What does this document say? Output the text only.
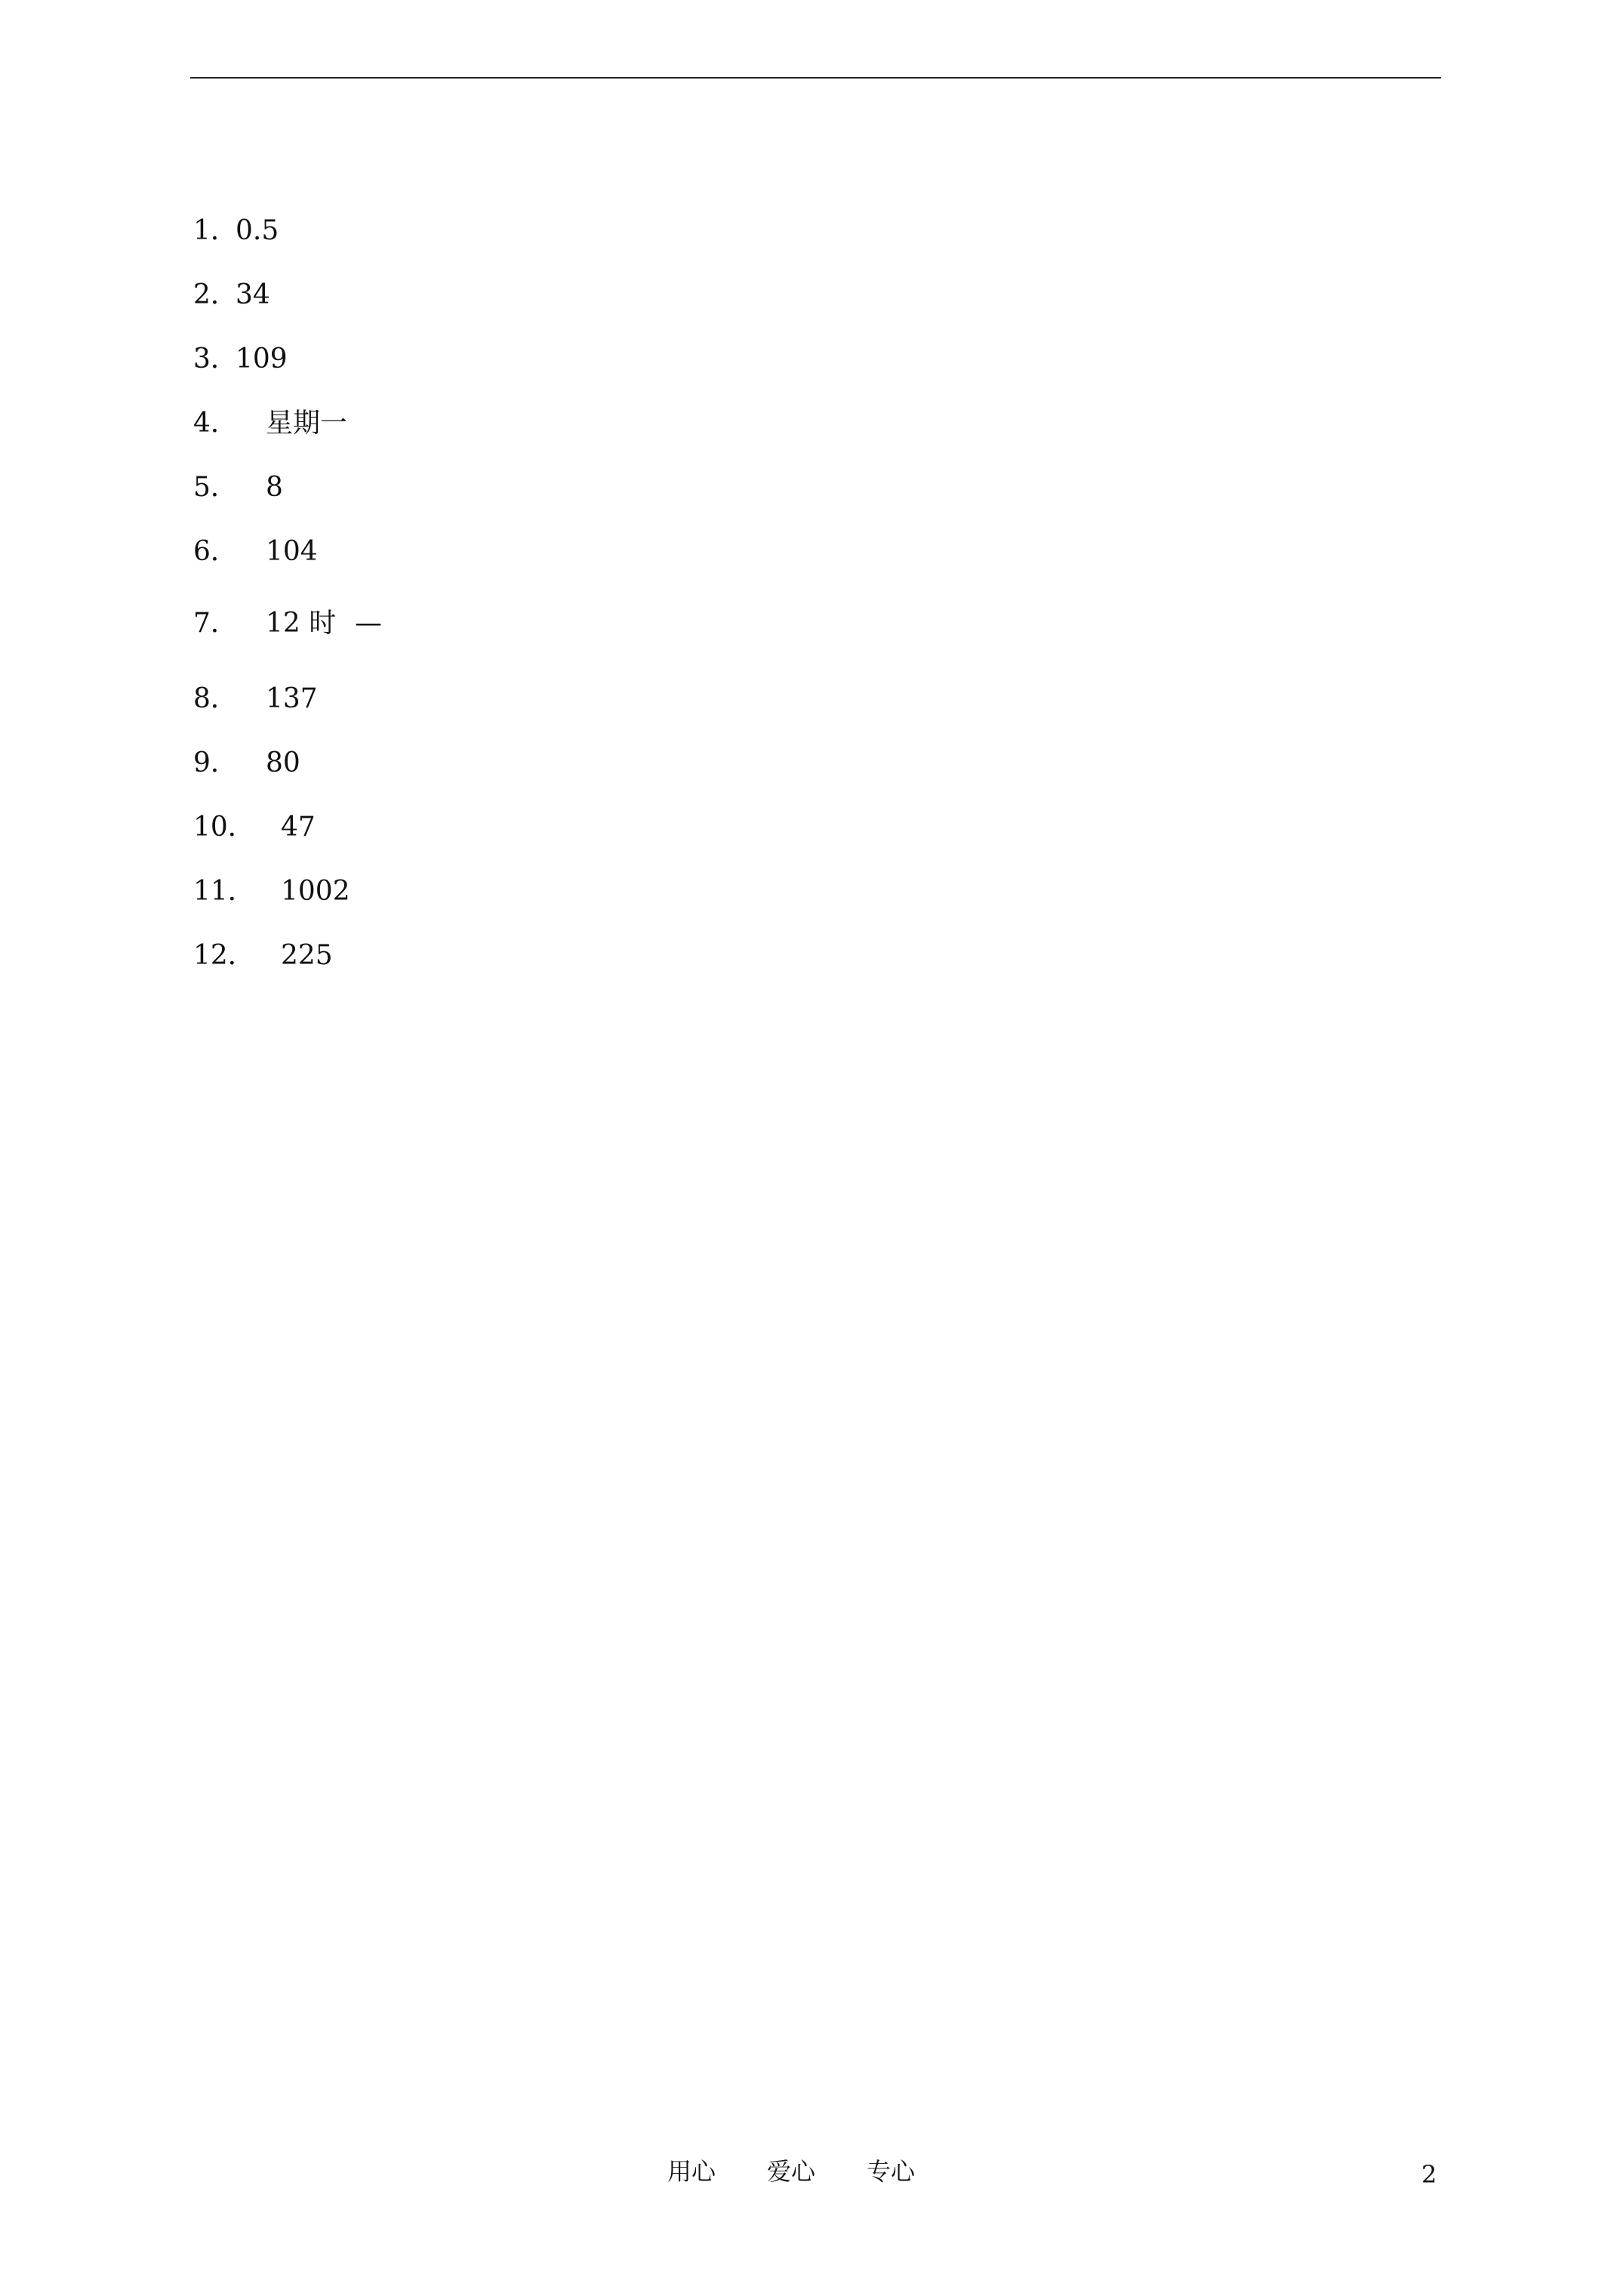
1．
0.5
2．
34
3．
109
4． 星期一
5． 8
6． 104
7． 12 时 —
8． 137
9． 80
10． 47
11． 1002
12． 225
用心 爱心 专心	2
